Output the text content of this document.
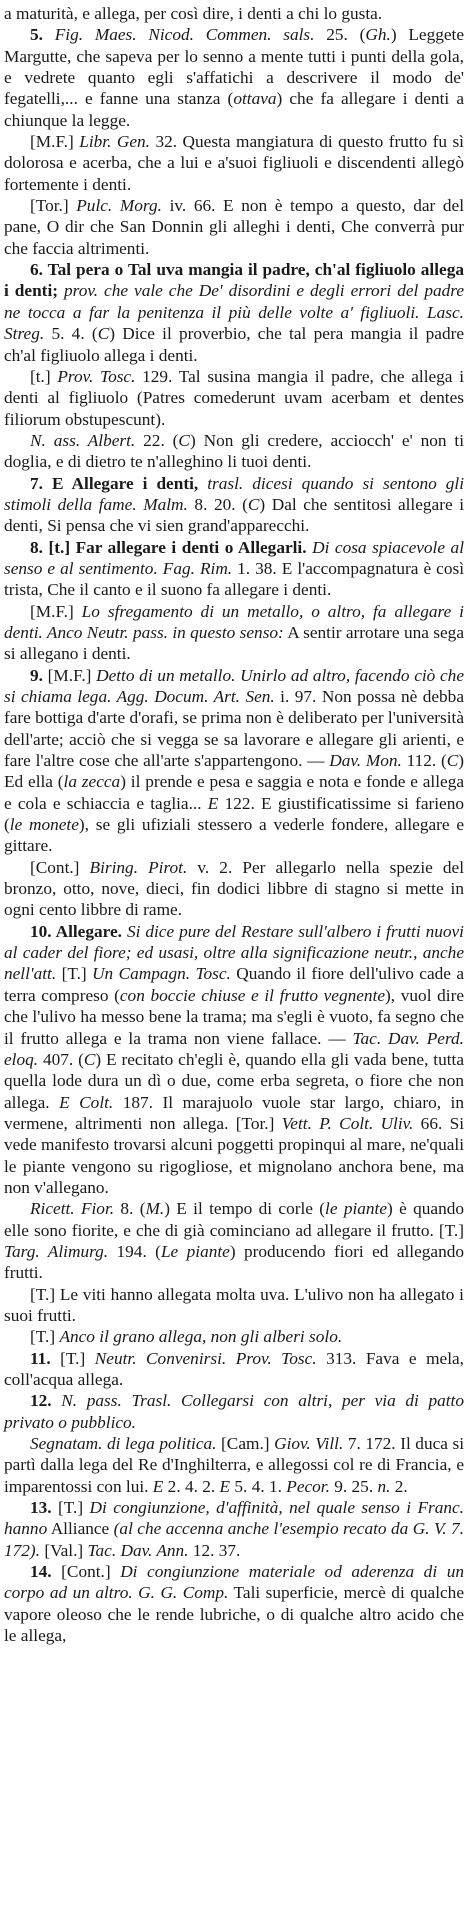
a maturità, e allega, per così dire, i denti a chi lo gusta.

5. Fig. Maes. Nicod. Commen. sals. 25. (Gh.) Leggete Margutte, che sapeva per lo senno a mente tutti i punti della gola, e vedrete quanto egli s'affatichi a descrivere il modo de' fegatelli,... e fanne una stanza (ottava) che fa allegare i denti a chiunque la legge.

[M.F.] Libr. Gen. 32. Questa mangiatura di questo frutto fu sì dolorosa e acerba, che a lui e a'suoi figliuoli e discendenti allegò fortemente i denti.

[Tor.] Pulc. Morg. iv. 66. E non è tempo a questo, dar del pane, O dir che San Donnin gli alleghi i denti, Che converrà pur che faccia altrimenti.

6. Tal pera o Tal uva mangia il padre, ch'al figliuolo allega i denti; prov. che vale che De' disordini e degli errori del padre ne tocca a far la penitenza il più delle volte a' figliuoli. Lasc. Streg. 5. 4. (C) Dice il proverbio, che tal pera mangia il padre ch'al figliuolo allega i denti.

[t.] Prov. Tosc. 129. Tal susina mangia il padre, che allega i denti al figliuolo (Patres comederunt uvam acerbam et dentes filiorum obstupescunt).

N. ass. Albert. 22. (C) Non gli credere, acciocch' e' non ti doglia, e di dietro te n'alleghino li tuoi denti.

7. E Allegare i denti, trasl. dicesi quando si sentono gli stimoli della fame. Malm. 8. 20. (C) Dal che sentitosi allegare i denti, Si pensa che vi sien grand'apparecchi.

8. [t.] Far allegare i denti o Allegarli. Di cosa spiacevole al senso e al sentimento. Fag. Rim. 1. 38. E l'accompagnatura è così trista, Che il canto e il suono fa allegare i denti.

[M.F.] Lo sfregamento di un metallo, o altro, fa allegare i denti. Anco Neutr. pass. in questo senso: A sentir arrotare una sega si allegano i denti.

9. [M.F.] Detto di un metallo. Unirlo ad altro, facendo ciò che si chiama lega. Agg. Docum. Art. Sen. i. 97. Non possa nè debba fare bottiga d'arte d'orafi, se prima non è deliberato per l'università dell'arte; acciò che si vegga se sa lavorare e allegare gli arienti, e fare l'altre cose che all'arte s'appartengono. — Dav. Mon. 112. (C) Ed ella (la zecca) il prende e pesa e saggia e nota e fonde e allega e cola e schiaccia e taglia... E 122. E giustificatissime si farieno (le monete), se gli ufiziali stessero a vederle fondere, allegare e gittare.

[Cont.] Biring. Pirot. v. 2. Per allegarlo nella spezie del bronzo, otto, nove, dieci, fin dodici libbre di stagno si mette in ogni cento libbre di rame.

10. Allegare. Si dice pure del Restare sull'albero i frutti nuovi al cader del fiore; ed usasi, oltre alla significazione neutr., anche nell'att. [T.] Un Campagn. Tosc. Quando il fiore dell'ulivo cade a terra compreso (con boccie chiuse e il frutto vegnente), vuol dire che l'ulivo ha messo bene la trama; ma s'egli è vuoto, fa segno che il frutto allega e la trama non viene fallace. — Tac. Dav. Perd. eloq. 407. (C) E recitato ch'egli è, quando ella gli vada bene, tutta quella lode dura un dì o due, come erba segreta, o fiore che non allega. E Colt. 187. Il marajuolo vuole star largo, chiaro, in vermene, altrimenti non allega. [Tor.] Vett. P. Colt. Uliv. 66. Si vede manifesto trovarsi alcuni poggetti propinqui al mare, ne'quali le piante vengono su rigogliose, et mignolano anchora bene, ma non v'allegano.

Ricett. Fior. 8. (M.) E il tempo di corle (le piante) è quando elle sono fiorite, e che di già cominciano ad allegare il frutto. [T.] Targ. Alimurg. 194. (Le piante) producendo fiori ed allegando frutti.

[T.] Le viti hanno allegata molta uva. L'ulivo non ha allegato i suoi frutti.

[T.] Anco il grano allega, non gli alberi solo.

11. [T.] Neutr. Convenirsi. Prov. Tosc. 313. Fava e mela, coll'acqua allega.

12. N. pass. Trasl. Collegarsi con altri, per via di patto privato o pubblico.

Segnatam. di lega politica. [Cam.] Giov. Vill. 7. 172. Il duca si partì dalla lega del Re d'Inghilterra, e allegossi col re di Francia, e imparentossi con lui. E 2. 4. 2. E 5. 4. 1. Pecor. 9. 25. n. 2.

13. [T.] Di congiunzione, d'affinità, nel quale senso i Franc. hanno Alliance (al che accenna anche l'esempio recato da G. V. 7. 172). [Val.] Tac. Dav. Ann. 12. 37.

14. [Cont.] Di congiunzione materiale od aderenza di un corpo ad un altro. G. G. Comp. Tali superficie, mercè di qualche vapore oleoso che le rende lubriche, o di qualche altro acido che le allega,
